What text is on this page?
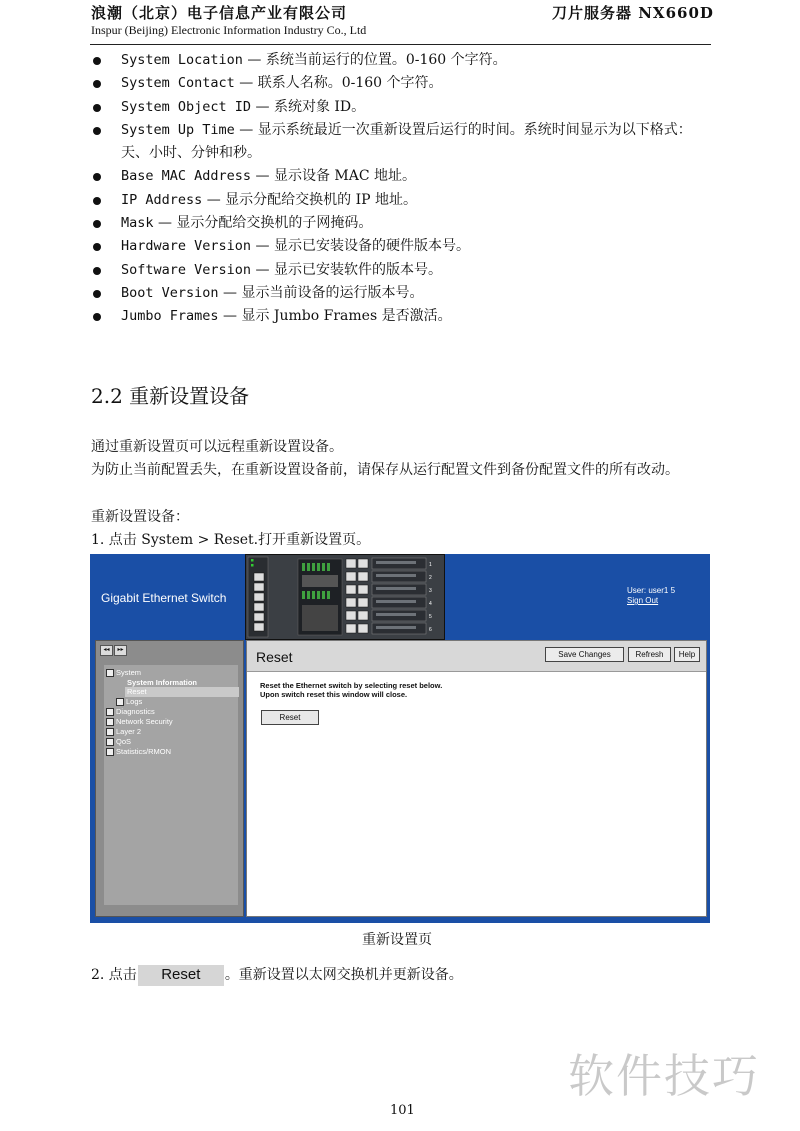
浪潮（北京）电子信息产业有限公司	刀片服务器 NX660D
Inspur (Beijing) Electronic Information Industry Co., Ltd
System Location — 系统当前运行的位置。0-160 个字符。
System Contact — 联系人名称。0-160 个字符。
System Object ID — 系统对象 ID。
System Up Time — 显示系统最近一次重新设置后运行的时间。系统时间显示为以下格式：天、小时、分钟和秒。
Base MAC Address — 显示设备 MAC 地址。
IP Address — 显示分配给交换机的 IP 地址。
Mask — 显示分配给交换机的子网掩码。
Hardware Version — 显示已安装设备的硬件版本号。
Software Version — 显示已安装软件的版本号。
Boot Version — 显示当前设备的运行版本号。
Jumbo Frames — 显示 Jumbo Frames 是否激活。
2.2 重新设置设备
通过重新设置页可以远程重新设置设备。
为防止当前配置丢失，在重新设置设备前，请保存从运行配置文件到备份配置文件的所有改动。
重新设置设备：
1. 点击 System > Reset.打开重新设置页。
Gigabit Ethernet Switch
1
2
3
4
5
6
User: user1 5
Sign Out
◂◂	▸▸
System
System Information
Reset
Logs
Diagnostics
Network Security
Layer 2
QoS
Statistics/RMON
Reset	Save Changes	Refresh	Help
Reset the Ethernet switch by selecting reset below.
Upon switch reset this window will close.
Reset
重新设置页
2. 点击 Reset 。重新设置以太网交换机并更新设备。
软件技巧
101
